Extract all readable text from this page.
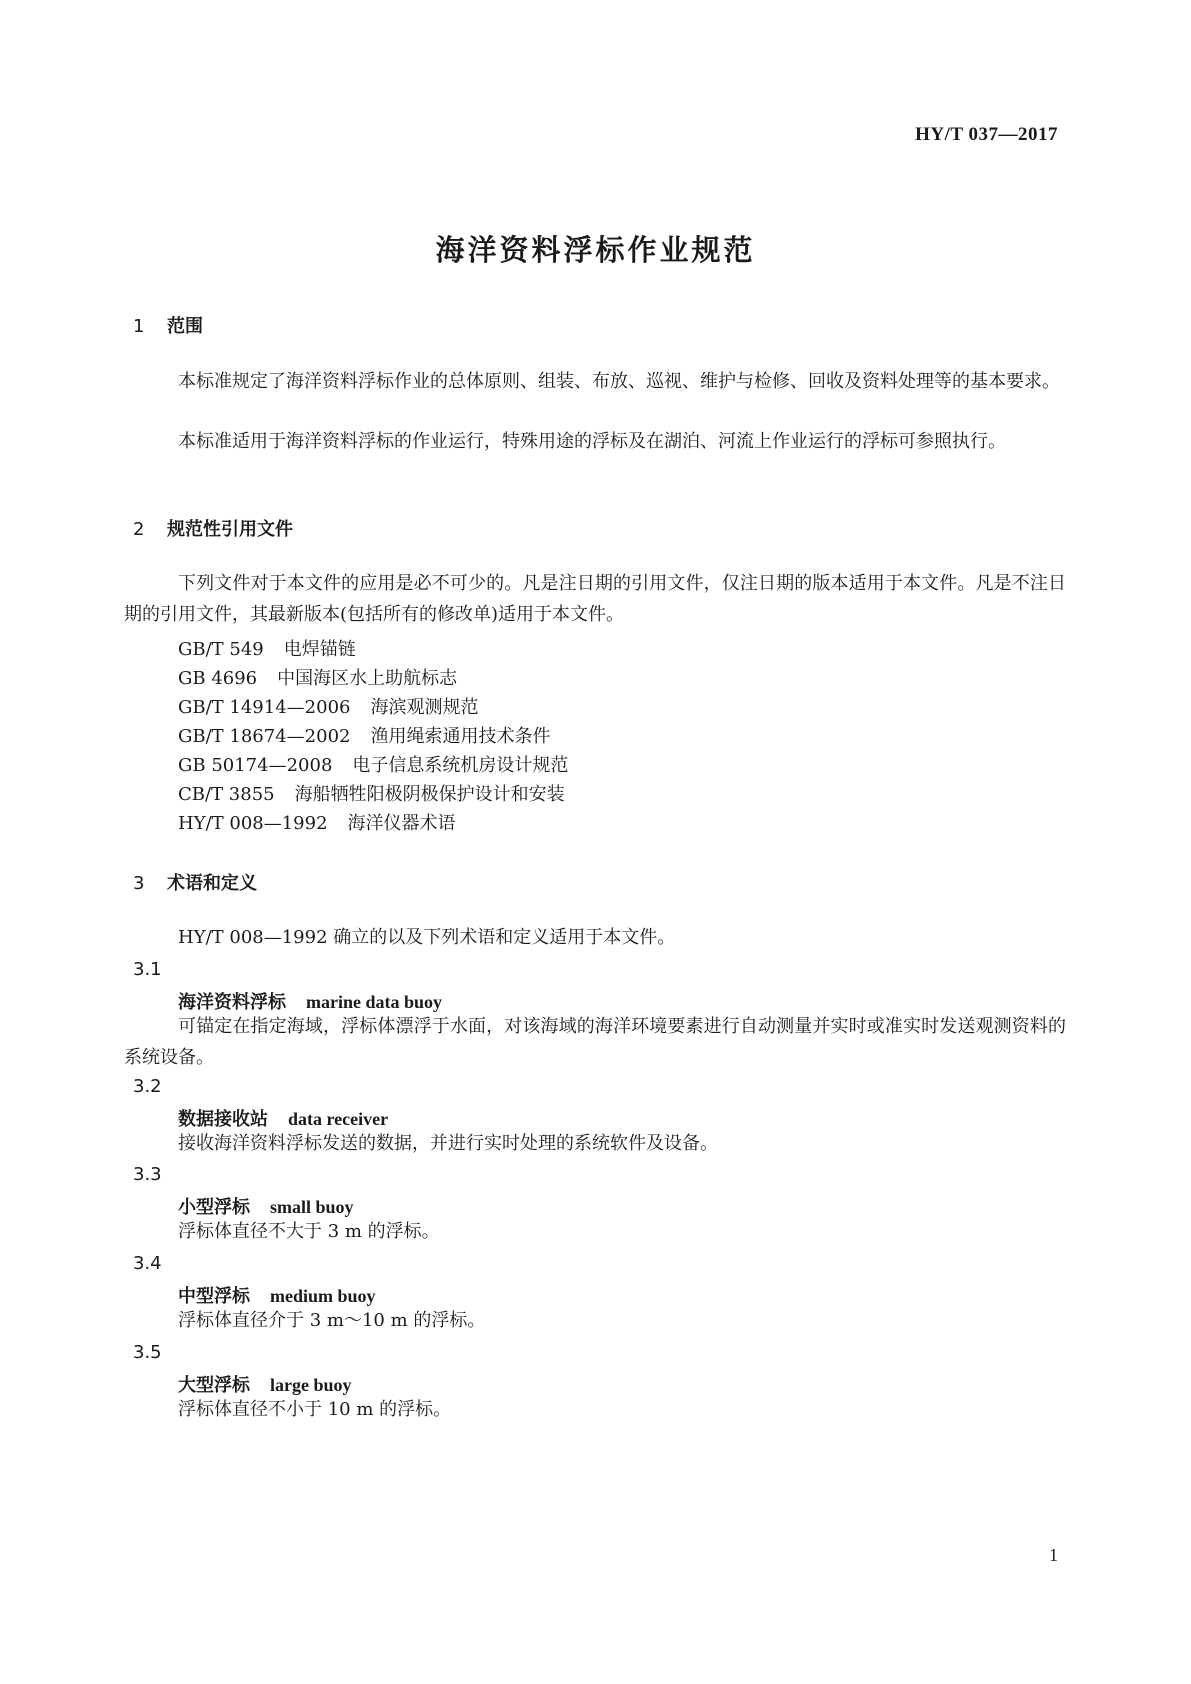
HY/T 037—2017
海洋资料浮标作业规范
1 范围
本标准规定了海洋资料浮标作业的总体原则、组装、布放、巡视、维护与检修、回收及资料处理等的基本要求。
本标准适用于海洋资料浮标的作业运行，特殊用途的浮标及在湖泊、河流上作业运行的浮标可参照执行。
2 规范性引用文件
下列文件对于本文件的应用是必不可少的。凡是注日期的引用文件，仅注日期的版本适用于本文件。凡是不注日期的引用文件，其最新版本(包括所有的修改单)适用于本文件。
GB/T 549 电焊锚链
GB 4696 中国海区水上助航标志
GB/T 14914—2006 海滨观测规范
GB/T 18674—2002 渔用绳索通用技术条件
GB 50174—2008 电子信息系统机房设计规范
CB/T 3855 海船牺牲阳极阴极保护设计和安装
HY/T 008—1992 海洋仪器术语
3 术语和定义
HY/T 008—1992 确立的以及下列术语和定义适用于本文件。
3.1
海洋资料浮标 marine data buoy
可锚定在指定海域，浮标体漂浮于水面，对该海域的海洋环境要素进行自动测量并实时或准实时发送观测资料的系统设备。
3.2
数据接收站 data receiver
接收海洋资料浮标发送的数据，并进行实时处理的系统软件及设备。
3.3
小型浮标 small buoy
浮标体直径不大于 3 m 的浮标。
3.4
中型浮标 medium buoy
浮标体直径介于 3 m～10 m 的浮标。
3.5
大型浮标 large buoy
浮标体直径不小于 10 m 的浮标。
1
